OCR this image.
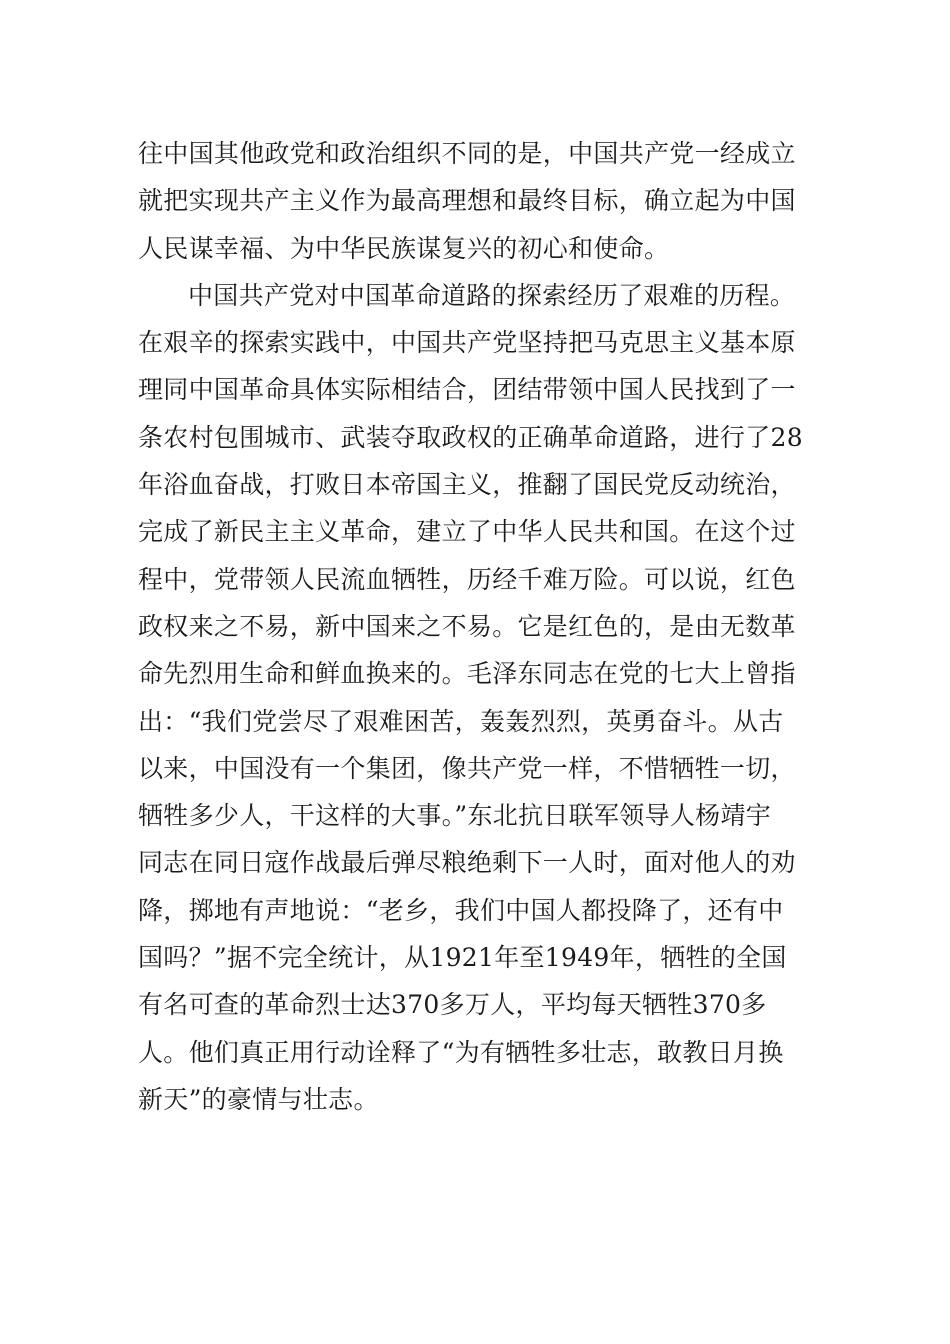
往中国其他政党和政治组织不同的是，中国共产党一经成立
就把实现共产主义作为最高理想和最终目标，确立起为中国
人民谋幸福、为中华民族谋复兴的初心和使命。
中国共产党对中国革命道路的探索经历了艰难的历程。
在艰辛的探索实践中，中国共产党坚持把马克思主义基本原
理同中国革命具体实际相结合，团结带领中国人民找到了一
条农村包围城市、武装夺取政权的正确革命道路，进行了28
年浴血奋战，打败日本帝国主义，推翻了国民党反动统治，
完成了新民主主义革命，建立了中华人民共和国。在这个过
程中，党带领人民流血牺牲，历经千难万险。可以说，红色
政权来之不易，新中国来之不易。它是红色的，是由无数革
命先烈用生命和鲜血换来的。毛泽东同志在党的七大上曾指
出：“我们党尝尽了艰难困苦，轰轰烈烈，英勇奋斗。从古
以来，中国没有一个集团，像共产党一样，不惜牺牲一切，
牺牲多少人，干这样的大事。”东北抗日联军领导人杨靖宇
同志在同日寇作战最后弹尽粮绝剩下一人时，面对他人的劝
降，掷地有声地说：“老乡，我们中国人都投降了，还有中
国吗？”据不完全统计，从1921年至1949年，牺牲的全国
有名可查的革命烈士达370多万人，平均每天牺牲370多
人。他们真正用行动诠释了“为有牺牲多壮志，敢教日月换
新天”的豪情与壮志。
